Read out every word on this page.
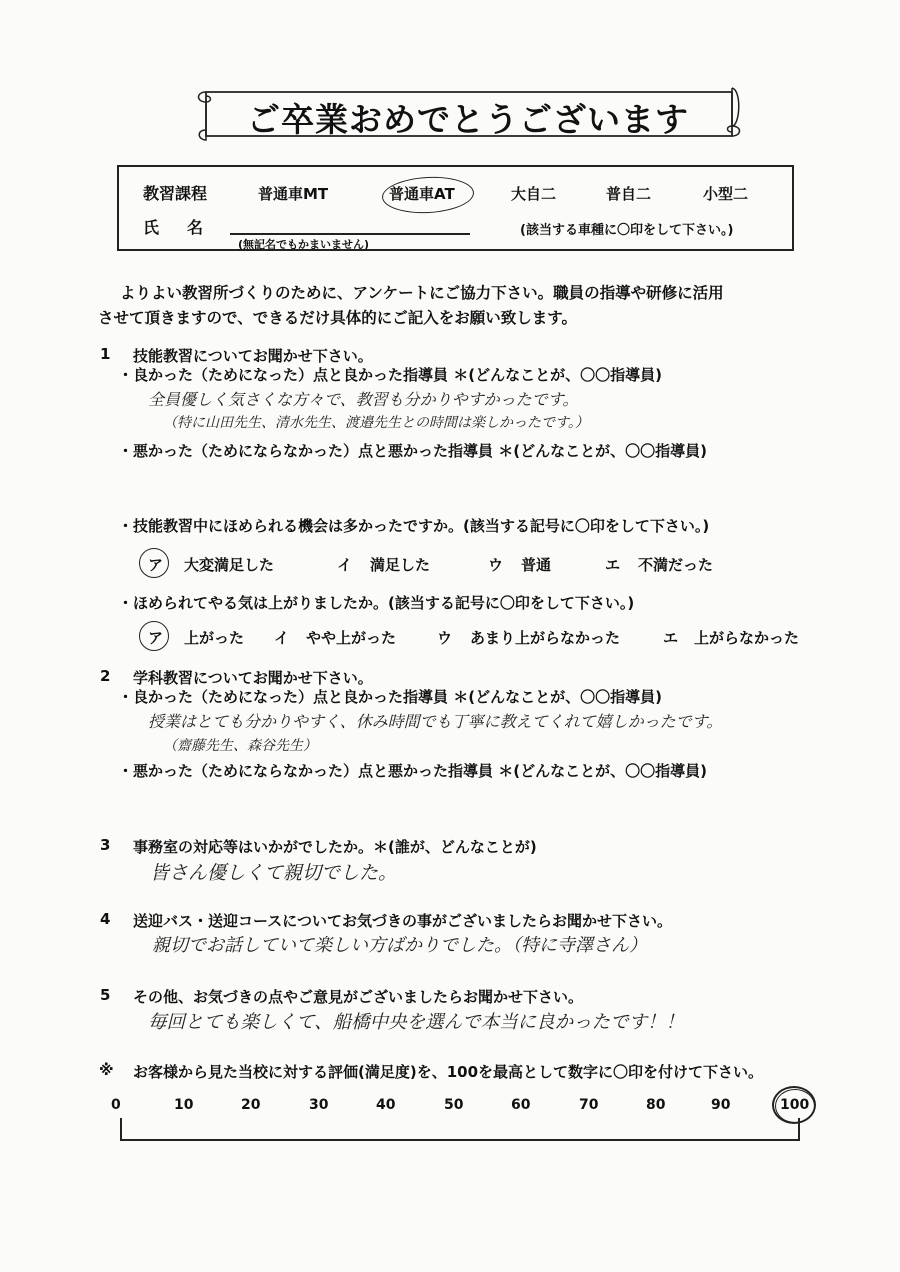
ご卒業おめでとうございます
教習課程	普通車MT	普通車AT	大自二	普自二	小型二
氏　名
(無記名でもかまいません)
(該当する車種に〇印をして下さい。)
よりよい教習所づくりのために、アンケートにご協力下さい。職員の指導や研修に活用
させて頂きますので、できるだけ具体的にご記入をお願い致します。
1 技能教習についてお聞かせ下さい。
・良かった（ためになった）点と良かった指導員 ＊(どんなことが、〇〇指導員)
全員優しく気さくな方々で、教習も分かりやすかったです。
（特に山田先生、清水先生、渡邉先生との時間は楽しかったです。）
・悪かった（ためにならなかった）点と悪かった指導員 ＊(どんなことが、〇〇指導員)
・技能教習中にほめられる機会は多かったですか。(該当する記号に〇印をして下さい。)
ア 大変満足した	イ 満足した	ウ 普通	エ 不満だった
・ほめられてやる気は上がりましたか。(該当する記号に〇印をして下さい。)
ア 上がった イ やや上がった	ウ あまり上がらなかった	エ 上がらなかった
2 学科教習についてお聞かせ下さい。
・良かった（ためになった）点と良かった指導員 ＊(どんなことが、〇〇指導員)
授業はとても分かりやすく、休み時間でも丁寧に教えてくれて嬉しかったです。
（齋藤先生、森谷先生）
・悪かった（ためにならなかった）点と悪かった指導員 ＊(どんなことが、〇〇指導員)
3 事務室の対応等はいかがでしたか。＊(誰が、どんなことが)
皆さん優しくて親切でした。
4 送迎バス・送迎コースについてお気づきの事がございましたらお聞かせ下さい。
親切でお話していて楽しい方ばかりでした。（特に寺澤さん）
5 その他、お気づきの点やご意見がございましたらお聞かせ下さい。
毎回とても楽しくて、船橋中央を選んで本当に良かったです！！
※ お客様から見た当校に対する評価(満足度)を、100を最高として数字に〇印を付けて下さい。
0	10	20	30	40	50	60	70	80	90	100
